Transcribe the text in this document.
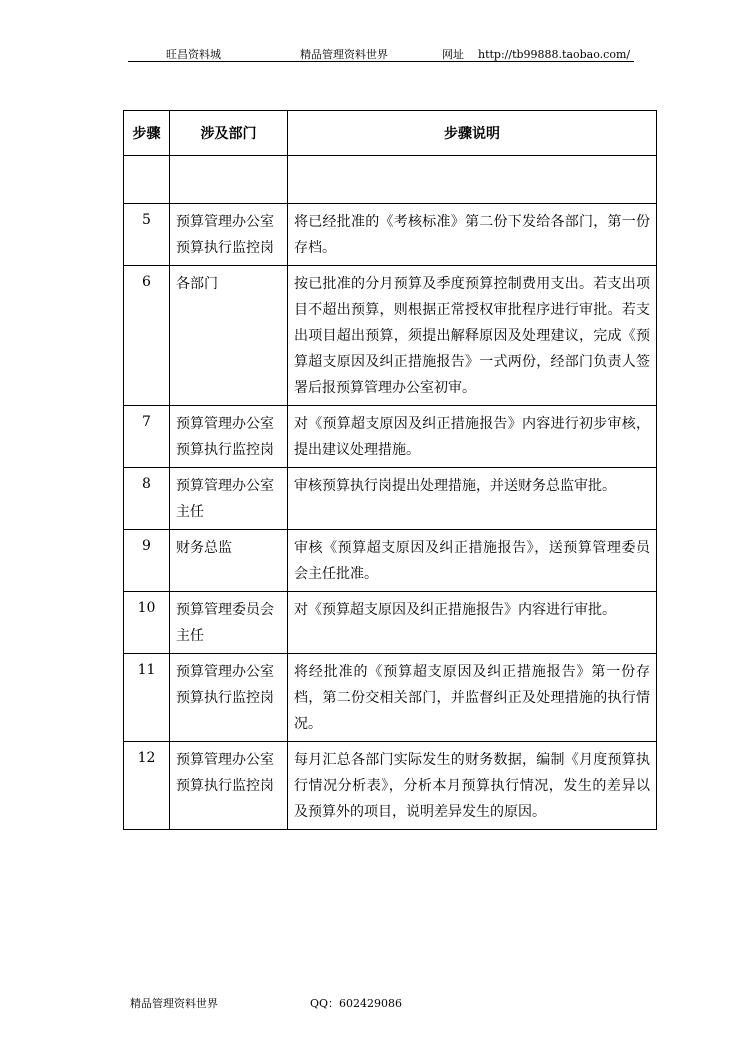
旺昌资料城	精品管理资料世界	网址 http://tb99888.taobao.com/
步骤	涉及部门	步骤说明

5	预算管理办公室预算执行监控岗	将已经批准的《考核标准》第二份下发给各部门，第一份存档。
6	各部门	按已批准的分月预算及季度预算控制费用支出。若支出项目不超出预算，则根据正常授权审批程序进行审批。若支出项目超出预算，须提出解释原因及处理建议，完成《预算超支原因及纠正措施报告》一式两份，经部门负责人签署后报预算管理办公室初审。
7	预算管理办公室预算执行监控岗	对《预算超支原因及纠正措施报告》内容进行初步审核，提出建议处理措施。
8	预算管理办公室主任	审核预算执行岗提出处理措施，并送财务总监审批。
9	财务总监	审核《预算超支原因及纠正措施报告》，送预算管理委员会主任批准。
10	预算管理委员会主任	对《预算超支原因及纠正措施报告》内容进行审批。
11	预算管理办公室预算执行监控岗	将经批准的《预算超支原因及纠正措施报告》第一份存档，第二份交相关部门，并监督纠正及处理措施的执行情况。
12	预算管理办公室预算执行监控岗	每月汇总各部门实际发生的财务数据，编制《月度预算执行情况分析表》，分析本月预算执行情况，发生的差异以及预算外的项目，说明差异发生的原因。
精品管理资料世界	QQ：602429086
